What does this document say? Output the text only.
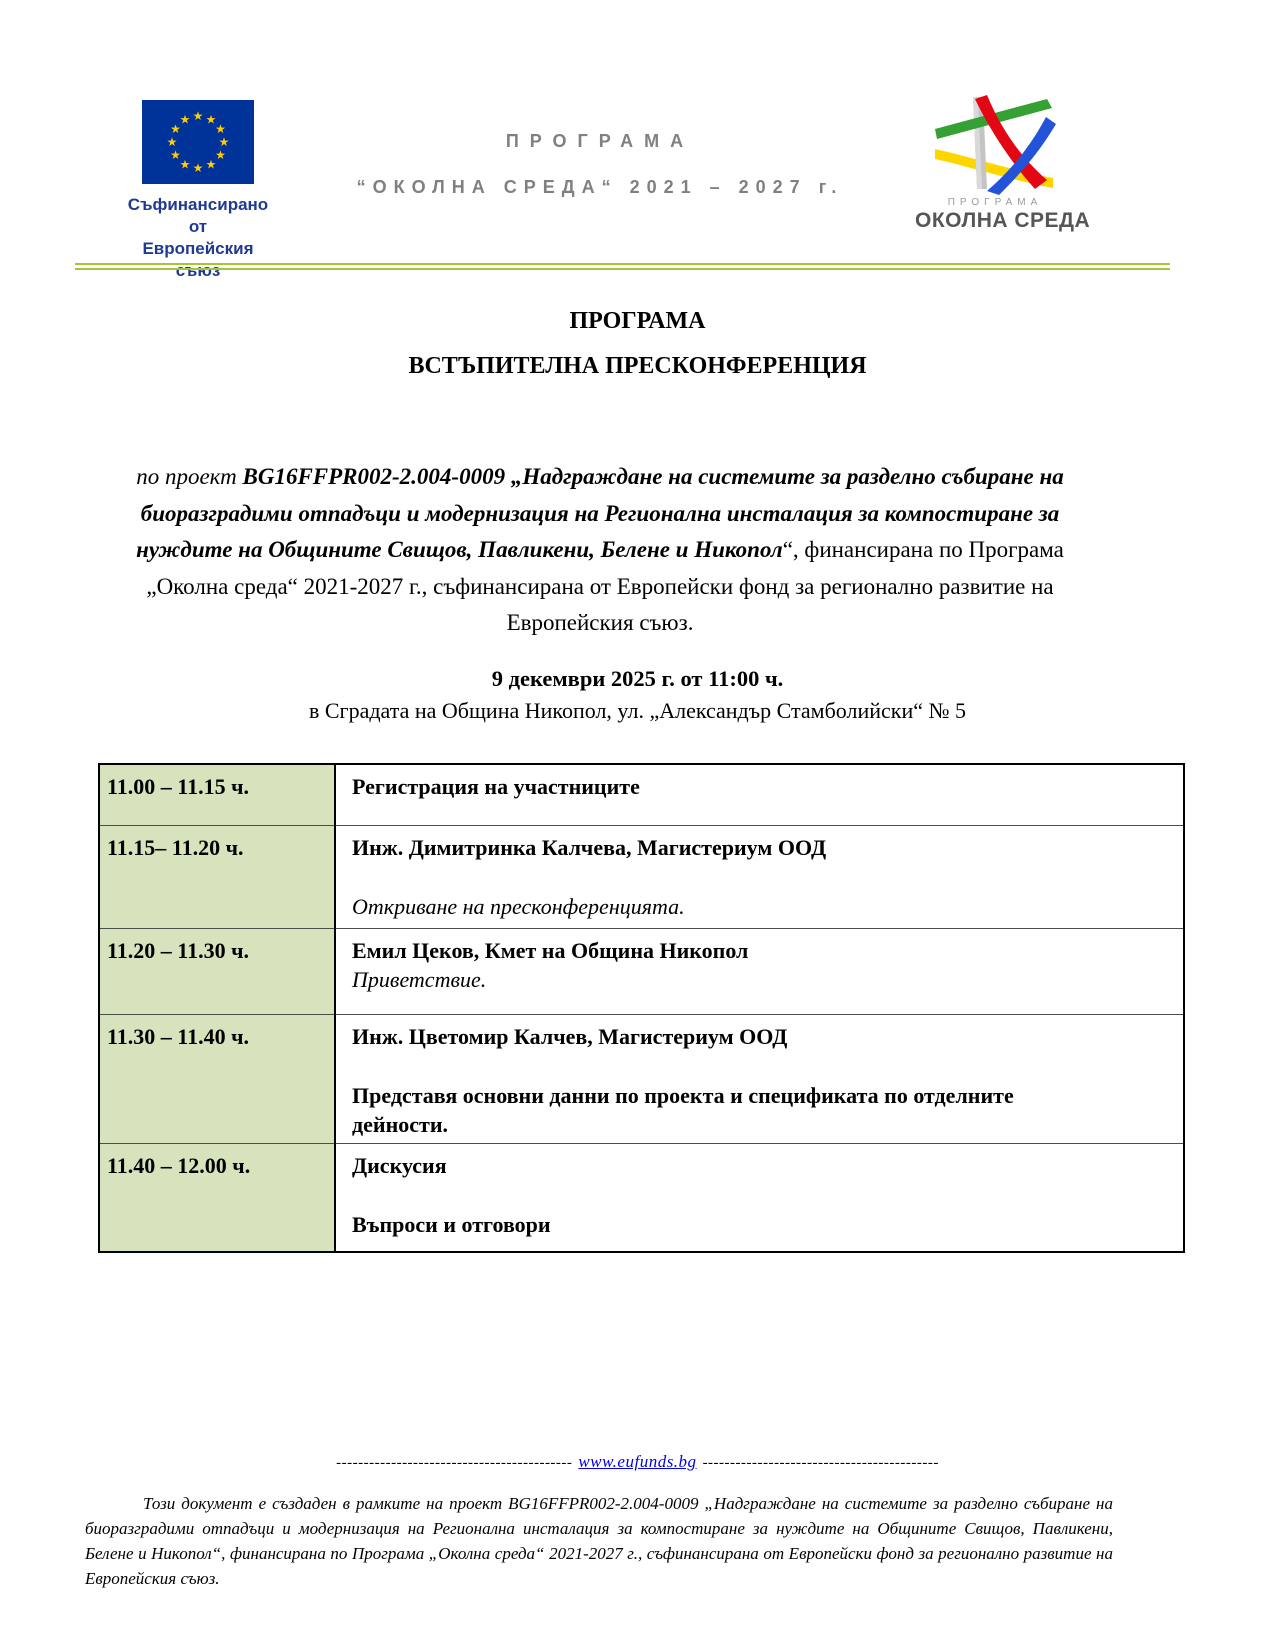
★ ★
★
★
★
★
★
★
★
★
★
★
Съфинансирано от
Европейския съюз
ПРОГРАМА
“ОКОЛНА СРЕДА“ 2021 – 2027 г.
ПРОГРАМА
ОКОЛНА СРЕДА
ПРОГРАМА
ВСТЪПИТЕЛНА ПРЕСКОНФЕРЕНЦИЯ

по проект BG16FFPR002-2.004-0009 „Надграждане на системите за разделно събиране на биоразградими отпадъци и модернизация на Регионална инсталация за компостиране за нуждите на Общините Свищов, Павликени, Белене и Никопол“, финансирана по Програма „Околна среда“ 2021-2027 г., съфинансирана от Европейски фонд за регионално развитие на Европейския съюз.

9 декември 2025 г. от 11:00 ч.
в Сградата на Община Никопол, ул. „Александър Стамболийски“ № 5
11.00 – 11.15 ч.	Регистрация на участниците

11.15– 11.20 ч.	Инж. Димитринка Калчева, Магистериум ООД
Откриване на пресконференцията.

11.20 – 11.30 ч.	Емил Цеков, Кмет на Община Никопол
Приветствие.

11.30 – 11.40 ч.	Инж. Цветомир Калчев, Магистериум ООД
Представя основни данни по проекта и спецификата по отделните дейности.

11.40 – 12.00 ч.	Дискусия
Въпроси и отговори
------------------------------------------- www.eufunds.bg -------------------------------------------

Този документ е създаден в рамките на проект BG16FFPR002-2.004-0009 „Надграждане на системите за разделно събиране на биоразградими отпадъци и модернизация на Регионална инсталация за компостиране за нуждите на Общините Свищов, Павликени, Белене и Никопол“, финансирана по Програма „Околна среда“ 2021-2027 г., съфинансирана от Европейски фонд за регионално развитие на Европейския съюз.
